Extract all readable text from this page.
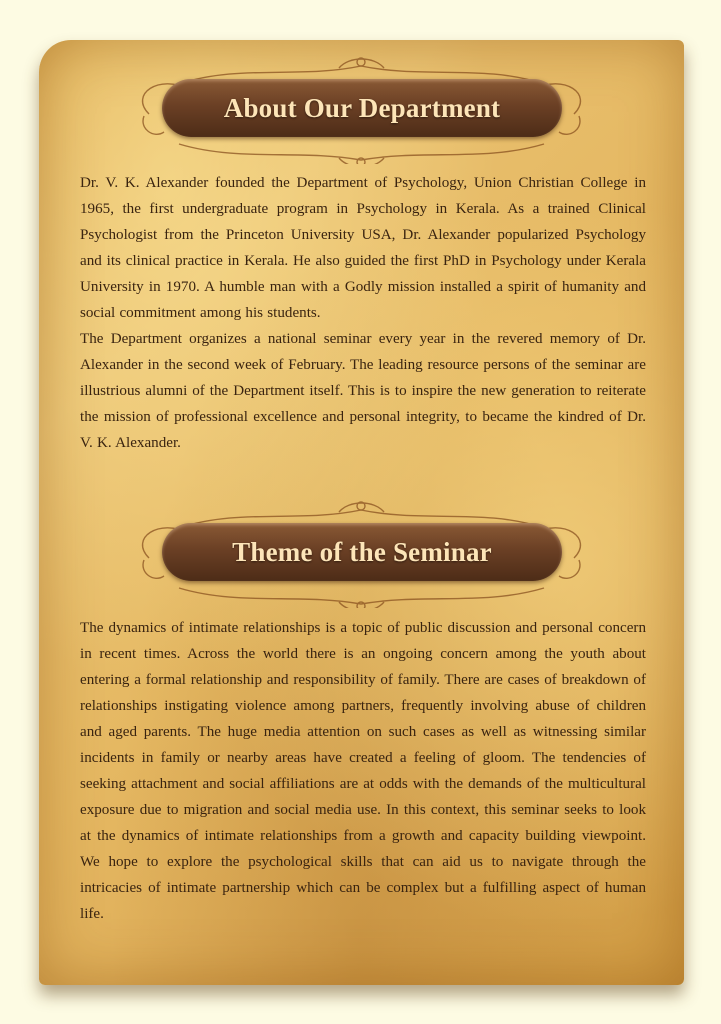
About Our Department

Dr. V. K. Alexander founded the Department of Psychology, Union Christian College in 1965, the first undergraduate program in Psychology in Kerala. As a trained Clinical Psychologist from the Princeton University USA, Dr. Alexander popularized Psychology and its clinical practice in Kerala. He also guided the first PhD in Psychology under Kerala University in 1970. A humble man with a Godly mission installed a spirit of humanity and social commitment among his students.

The Department organizes a national seminar every year in the revered memory of Dr. Alexander in the second week of February. The leading resource persons of the seminar are illustrious alumni of the Department itself. This is to inspire the new generation to reiterate the mission of professional excellence and personal integrity, to became the kindred of Dr. V. K. Alexander.

Theme of the Seminar

The dynamics of intimate relationships is a topic of public discussion and personal concern in recent times. Across the world there is an ongoing concern among the youth about entering a formal relationship and responsibility of family. There are cases of breakdown of relationships instigating violence among partners, frequently involving abuse of children and aged parents. The huge media attention on such cases as well as witnessing similar incidents in family or nearby areas have created a feeling of gloom. The tendencies of seeking attachment and social affiliations are at odds with the demands of the multicultural exposure due to migration and social media use. In this context, this seminar seeks to look at the dynamics of intimate relationships from a growth and capacity building viewpoint. We hope to explore the psychological skills that can aid us to navigate through the intricacies of intimate partnership which can be complex but a fulfilling aspect of human life.
